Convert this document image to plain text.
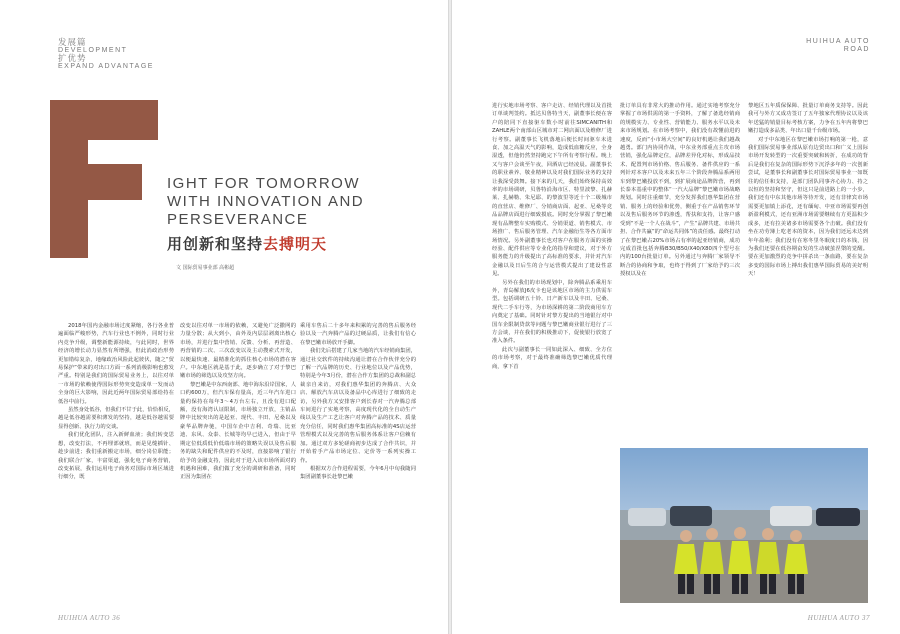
发展篇
DEVELOPMENT
扩优势
EXPAND ADVANTAGE
IGHT FOR TOMORROW
WITH INNOVATION AND
PERSEVERANCE
用创新和坚持去搏明天
文 国际贸易事业部 高彬超

2018年国内金融市场过度紧缩，各行各业普遍面临严峻形势，汽车行业也不例外，同时行业内竞争升级，调整新能源持续，与此同时，世界经济的增长动力显然有所增强，但此消政治形势更加错综复杂，地缘政治风险此起彼伏，随之“贸易保护”带来的对出口方面一系列消极影响也愈发严重。特别是我们的国际贸易业务上，以往对单一市场的依赖使得国际形势突变造成单一发而动全身的巨大影响，因此近两年国际贸易部给持在低谷中前行。

虽然身处低谷，但我们不甘于此，恰恰相反，越是低谷越需要积薄发的坚持，越是低谷越需要显得创新、执行力的交谈。

我们优化团队，注入新鲜血液；我们转变思想，改变打法，不再埋部就班，而是见缝插针、趁步前进；我们重新搬定市场，细分岗位职能；我们联合厂家，丰富渠道，强化电子商务营销，改变拓展，我们运用电子商务对国际市场区域进行细分，既

改变以往对单一市场的依赖，又避免广泛撒网的力量分散；从大到小，由外及内层层剥离出核心市场，并进行集中营销、反馈、分析、再营造、再营销的二次、三次改变以及主动搜索式开发，以便最快速、最精准化的抓住核心市场的潜在客户。中东地区就是基于此，逐步确立了对于黎巴嫩市场的筛选以及攻坚方向。

黎巴嫩是中东西南部、地中海东沿岸国家，人口约600万，但汽车保有量高，近三年汽车进口量约保持在每年3～4万台左右，且没有进口配额，没有海湾认证限制，市场独立开放，主销品牌中比较突出的是起亚、现代、丰田、尼桑以及豪华品牌奔驰，中国车企中吉利、奇瑞、比亚迪、东风、众泰、长城等均早已进入，但由于早期定位低质低价低端市场的策略失误以及售后服务的缺失和配件供应的不及时，直接影响了银行给予的金融支持，因此对于进入该市场所面对的机遇和困难，我们做了充分的调研和准备，同时正因为集团在

乘用车售后二十多年来积累的完善的售后服务经验以及一汽奔腾产品的过硬品质，让我们有信心在黎巴嫩市场放开手脚。

我们先后搭建了几家当地的汽车经销商集团，通过社交软件的持续沟通让潜在合作伙伴充分的了解一汽品牌的历史、行业地位以及产品优势，特别是今年3月份，潜在合作方集团的总裁和副总裁亲自来访，对我们惠华集团的奔腾店、大众店、解放汽车店以及备品中心库进行了细致的走访，另外我方又安排客户到长春对一汽奔腾总部车间进行了实地考察，高度现代化的全自动生产线以及生产工艺让客户对奔腾产品的技术、质量充分信任，同时我们惠华集团高标准的4S店运营管理模式以及完善的售后服务体系让客户信赖有加。通过双方多轮磋商初步达成了合作共识，并开始着手产品市场定位、定价等一系列实操工作。

根据双方合作进程需要，今年6月中旬我随同集团副董事长赴黎巴嫩

HUIHUA AUTO 36
HUIHUA AUTO
ROAD

进行实地市场考察、客户走访、经销代理以及首批订单谈判签约。抵达贝鲁特当天，副董事长便在客户的陪同下直接驱车数小时前往SIMCANITH和ZAHLE两个南部山区城市对二网店面以及维修厂进行考察。副董事长飞机落地后便长时间驱车未进食、加之高温天气的影响，造成低血糖反应，全身湿透，但他仍然坚持跑完下午所有考察行程。晚上又与客户会谈至午夜，回酒店已经凌晨。副董事长的职业素养、敬业精神以及对我们国际业务的支持让我深受鼓舞。接下来的几天，我们始终保持高效率的市场调研，贝鲁特沿海市区、特里波黎、扎赫莱、扎赫勒、朱尼耶、的黎波里等近十个二级城市的直营店、维修厂、分销商店面、起亚、尼桑等竞品品牌店面进行细致摸底。同时充分掌握了黎巴嫩现有品牌整车实购模式、分销渠道、销售模式、市场推广、售后服务管理、汽车金融衍生等各方面市场情况。另外副董事长也对客户在服务方面的实操经验、配件供应等专业化的指导和建议，对于外方服务能力的升级提出了高标准的要求，并针对汽车金融以及日后生的合与运营模式提出了建设性意见。

另外在我们的市场现划中，除奔腾品系乘用车外，青岛解放J6皮卡也是该地区市场的主力供需车型。包括调研五十铃、日产新车以及丰田、尼桑、现代二手车行等，为市场深耕的第二阶段商用车方向奠定了基础。同时针对黎方提出的当地银行对中国车企限制贷款等问题与黎巴嫩商业银行进行了三方会谈，并在我们的积极推动下，促使银行放宽了准入条件。

此次与副董事长一同如此深入、细致、全方位的市场考察，对于最终准确筛选黎巴嫩优质代理商，拿下首

批订单具有非常大的推动作用。通过实地考察充分掌握了市场供需的第一手资料，了解了备选经销商的规模实力、专业性、营销能力、服务水平以及未来市场规划。在市场考察中，我们没有故懂前进的速度，反而“小市场大空间”的良好机遇让我们越战越勇。部门内协同作战，中东业务部重点主攻市场营销，强化品牌定位，品牌差异化对标，形成品技术、配置判市场价格、售后服务、备件供应的一系列针对本客户以及未来五年三个阶段奔腾品系两用车到黎巴嫩投放不到，到扩展商途品牌阵营，再到长泰本基重中的整体“一汽大品牌”黎巴嫩市场战略规划。同时注重细节，充分发挥我们惠华集团在营销、服务上的经验和优势，侧重于在产品销售环节以及售后服务环节的渗透，帮扶和支持，让客户感受到“不是一个人在战斗”，产生“品牌共建、市场共担、合作共赢”的“命运共同体”的责任感。最终打动了在黎巴嫩占20%市场占有率的起亚经销商，成功完成首批包括奔腾B30/B50/X40/X80四个型号在内的100台批量订单。另外通过与奔腾厂家领导不断合的协商和争取，也终于得到了厂家给予的三次授权以及在

黎地区五年质保保障、批量订单商务支持等。因此我可与外方又成功签订了五年独家代理协议以及该年送猛的销量目标考核方案，力争在五年内将黎巴嫩打造成多品类、年出口量千台级市场。

对于中东地区在黎巴嫩市场打响的第一枪，意我们国际贸易事业部从原有边贸出口和广义上国际市场开发转型的一次重要突破和转折，在成功的背后是我们在复杂的国际形势下沉浮多年的一次创新尝试，是董事长和副董事长对国际贸易事业一如既往的信任和支持，是部门团队同事齐心协力、持之以恒的坚持和坚守，但这只是前进路上的一小步，我们还有中东其他市场等待开发，还有非律宾市场需要更加镇上添花，还有缅甸、中亚市场需要再创新盈利模式，还有亚洲市场需要继续有方更温积少成多，还有拉美诸多市场需要各个击破。我们没有坐在功劳簿上吃老本的资本，因为我们还远未达到年年盈利；我们没有在寒冬里冬眠度日的本钱，因为我们还要在低谷期奋发的生动破茧涅槃的觉醒。要在更加激烈的竞争中拼杀出一条血路，要在复杂多变的国际市场上搏出我们惠华国际贸易的美好明天！

HUIHUA AUTO 37
